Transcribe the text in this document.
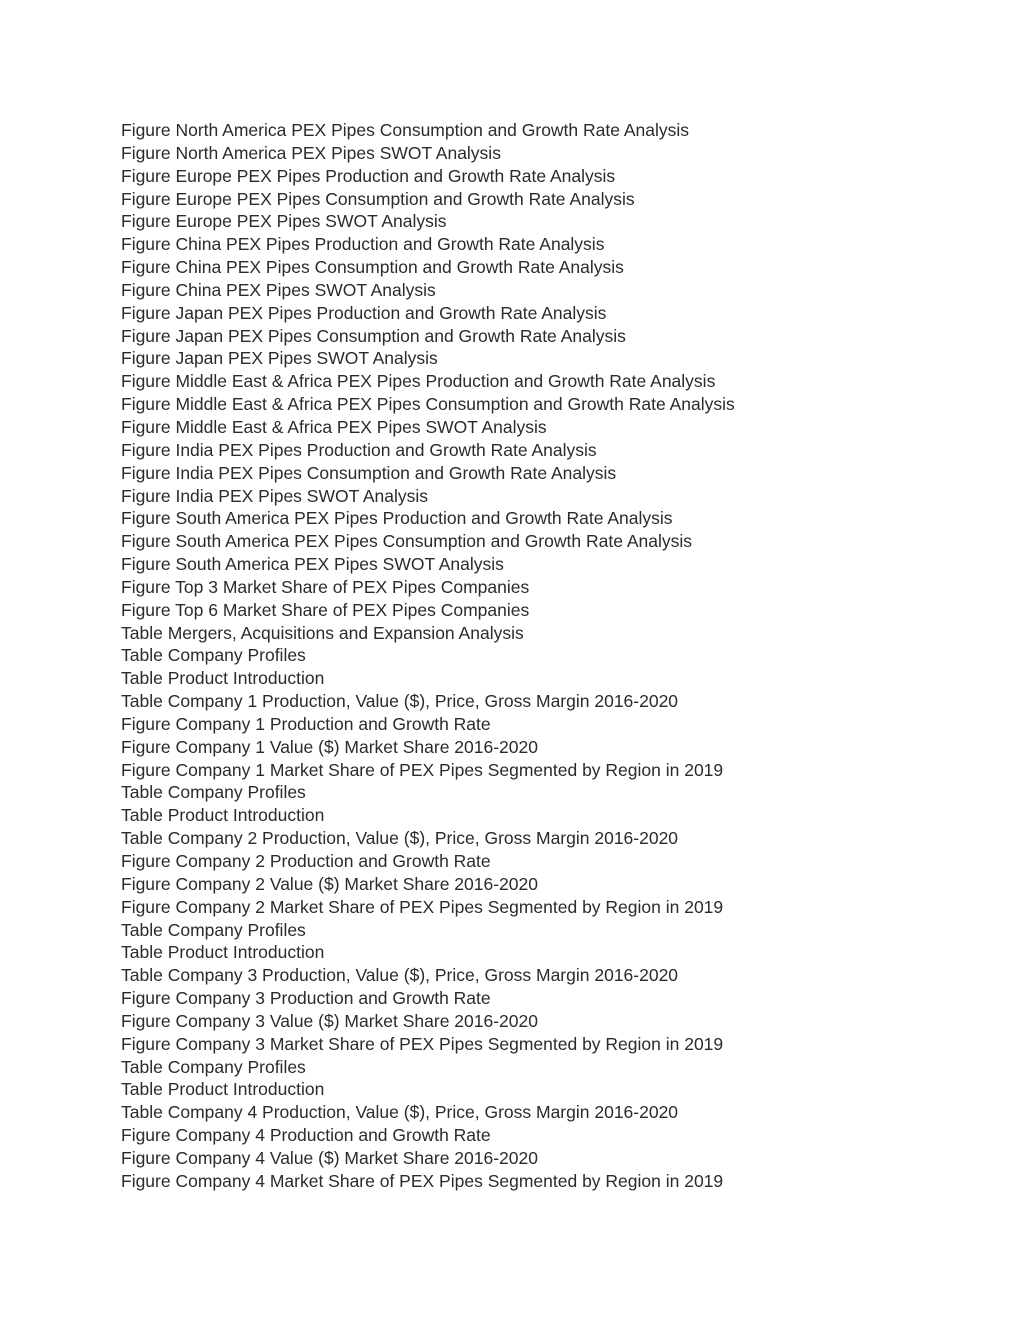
Figure North America PEX Pipes Consumption and Growth Rate Analysis
Figure North America PEX Pipes SWOT Analysis
Figure Europe PEX Pipes Production and Growth Rate Analysis
Figure Europe PEX Pipes Consumption and Growth Rate Analysis
Figure Europe PEX Pipes SWOT Analysis
Figure China PEX Pipes Production and Growth Rate Analysis
Figure China PEX Pipes Consumption and Growth Rate Analysis
Figure China PEX Pipes SWOT Analysis
Figure Japan PEX Pipes Production and Growth Rate Analysis
Figure Japan PEX Pipes Consumption and Growth Rate Analysis
Figure Japan PEX Pipes SWOT Analysis
Figure Middle East & Africa PEX Pipes Production and Growth Rate Analysis
Figure Middle East & Africa PEX Pipes Consumption and Growth Rate Analysis
Figure Middle East & Africa PEX Pipes SWOT Analysis
Figure India PEX Pipes Production and Growth Rate Analysis
Figure India PEX Pipes Consumption and Growth Rate Analysis
Figure India PEX Pipes SWOT Analysis
Figure South America PEX Pipes Production and Growth Rate Analysis
Figure South America PEX Pipes Consumption and Growth Rate Analysis
Figure South America PEX Pipes SWOT Analysis
Figure Top 3 Market Share of PEX Pipes Companies
Figure Top 6 Market Share of PEX Pipes Companies
Table Mergers, Acquisitions and Expansion Analysis
Table Company Profiles
Table Product Introduction
Table Company 1 Production, Value ($), Price, Gross Margin 2016-2020
Figure Company 1 Production and Growth Rate
Figure Company 1 Value ($) Market Share 2016-2020
Figure Company 1 Market Share of PEX Pipes Segmented by Region in 2019
Table Company Profiles
Table Product Introduction
Table Company 2 Production, Value ($), Price, Gross Margin 2016-2020
Figure Company 2 Production and Growth Rate
Figure Company 2 Value ($) Market Share 2016-2020
Figure Company 2 Market Share of PEX Pipes Segmented by Region in 2019
Table Company Profiles
Table Product Introduction
Table Company 3 Production, Value ($), Price, Gross Margin 2016-2020
Figure Company 3 Production and Growth Rate
Figure Company 3 Value ($) Market Share 2016-2020
Figure Company 3 Market Share of PEX Pipes Segmented by Region in 2019
Table Company Profiles
Table Product Introduction
Table Company 4 Production, Value ($), Price, Gross Margin 2016-2020
Figure Company 4 Production and Growth Rate
Figure Company 4 Value ($) Market Share 2016-2020
Figure Company 4 Market Share of PEX Pipes Segmented by Region in 2019
